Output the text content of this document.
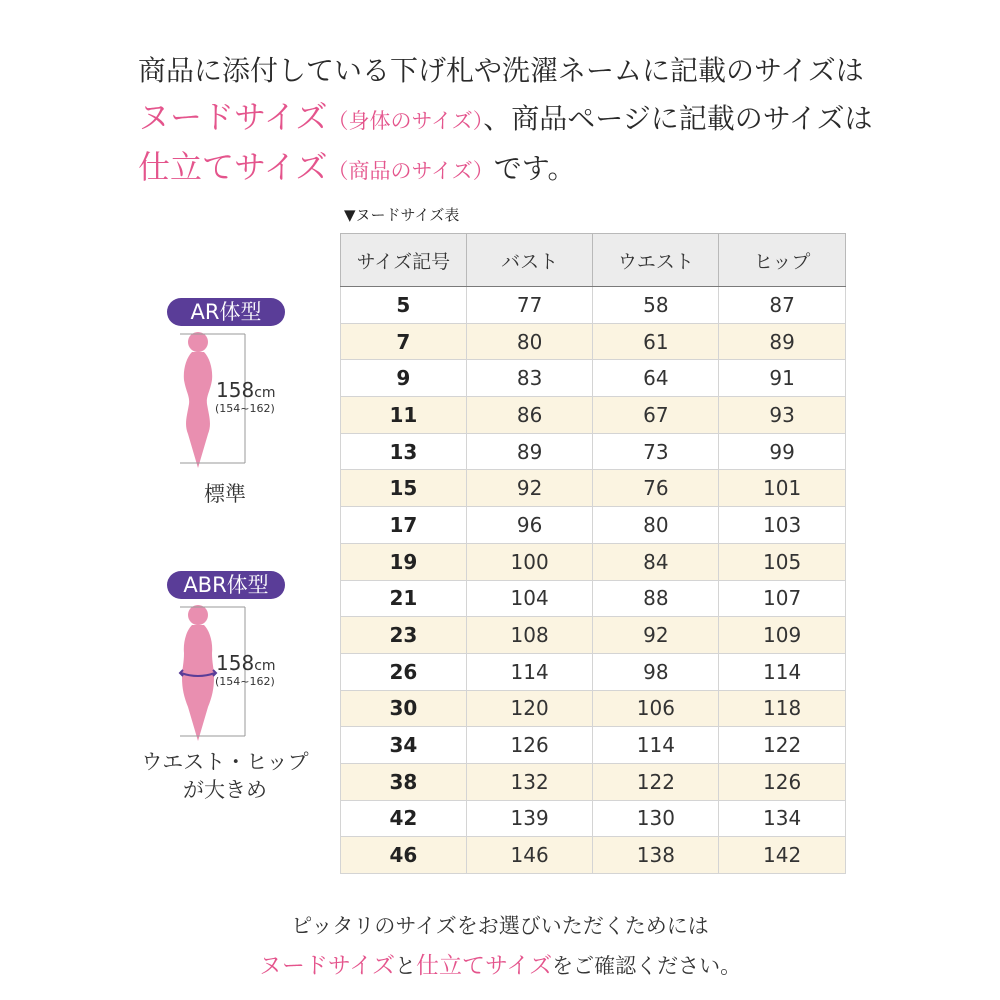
商品に添付している下げ札や洗濯ネームに記載のサイズは
ヌードサイズ（身体のサイズ）、商品ページに記載のサイズは
仕立てサイズ（商品のサイズ）です。
▼ヌードサイズ表
サイズ記号	バスト	ウエスト	ヒップ
5	77	58	87
7	80	61	89
9	83	64	91
11	86	67	93
13	89	73	99
15	92	76	101
17	96	80	103
19	100	84	105
21	104	88	107
23	108	92	109
26	114	98	114
30	120	106	118
34	126	114	122
38	132	122	126
42	139	130	134
46	146	138	142
AR体型
158cm
(154~162)
標準
ABR体型
158cm
(154~162)
ウエスト・ヒップ
が大きめ
ピッタリのサイズをお選びいただくためには
ヌードサイズと仕立てサイズをご確認ください。
